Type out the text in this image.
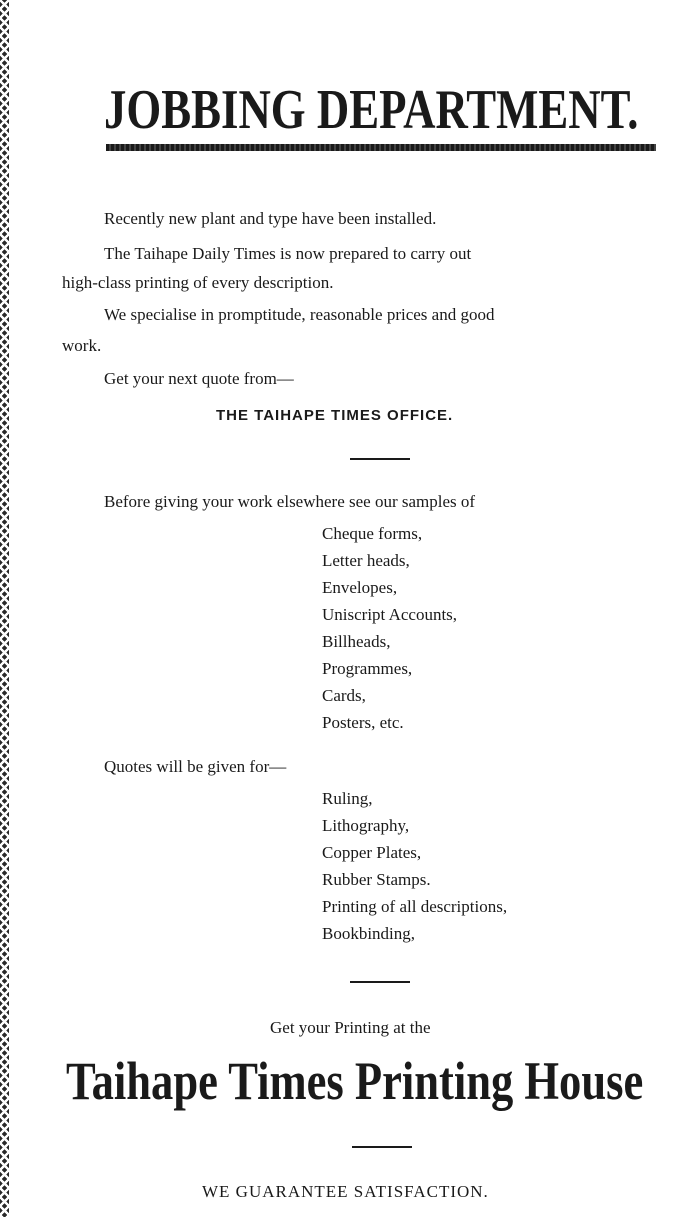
JOBBING DEPARTMENT.
Recently new plant and type have been installed.
The Taihape Daily Times is now prepared to carry out
high-class printing of every description.
We specialise in promptitude, reasonable prices and good
work.
Get your next quote from—
THE TAIHAPE TIMES OFFICE.
Before giving your work elsewhere see our samples of
Cheque forms,
Letter heads,
Envelopes,
Uniscript Accounts,
Billheads,
Programmes,
Cards,
Posters, etc.
Quotes will be given for—
Ruling,
Lithography,
Copper Plates,
Rubber Stamps.
Printing of all descriptions,
Bookbinding,
Get your Printing at the
Taihape Times Printing House
WE GUARANTEE SATISFACTION.
